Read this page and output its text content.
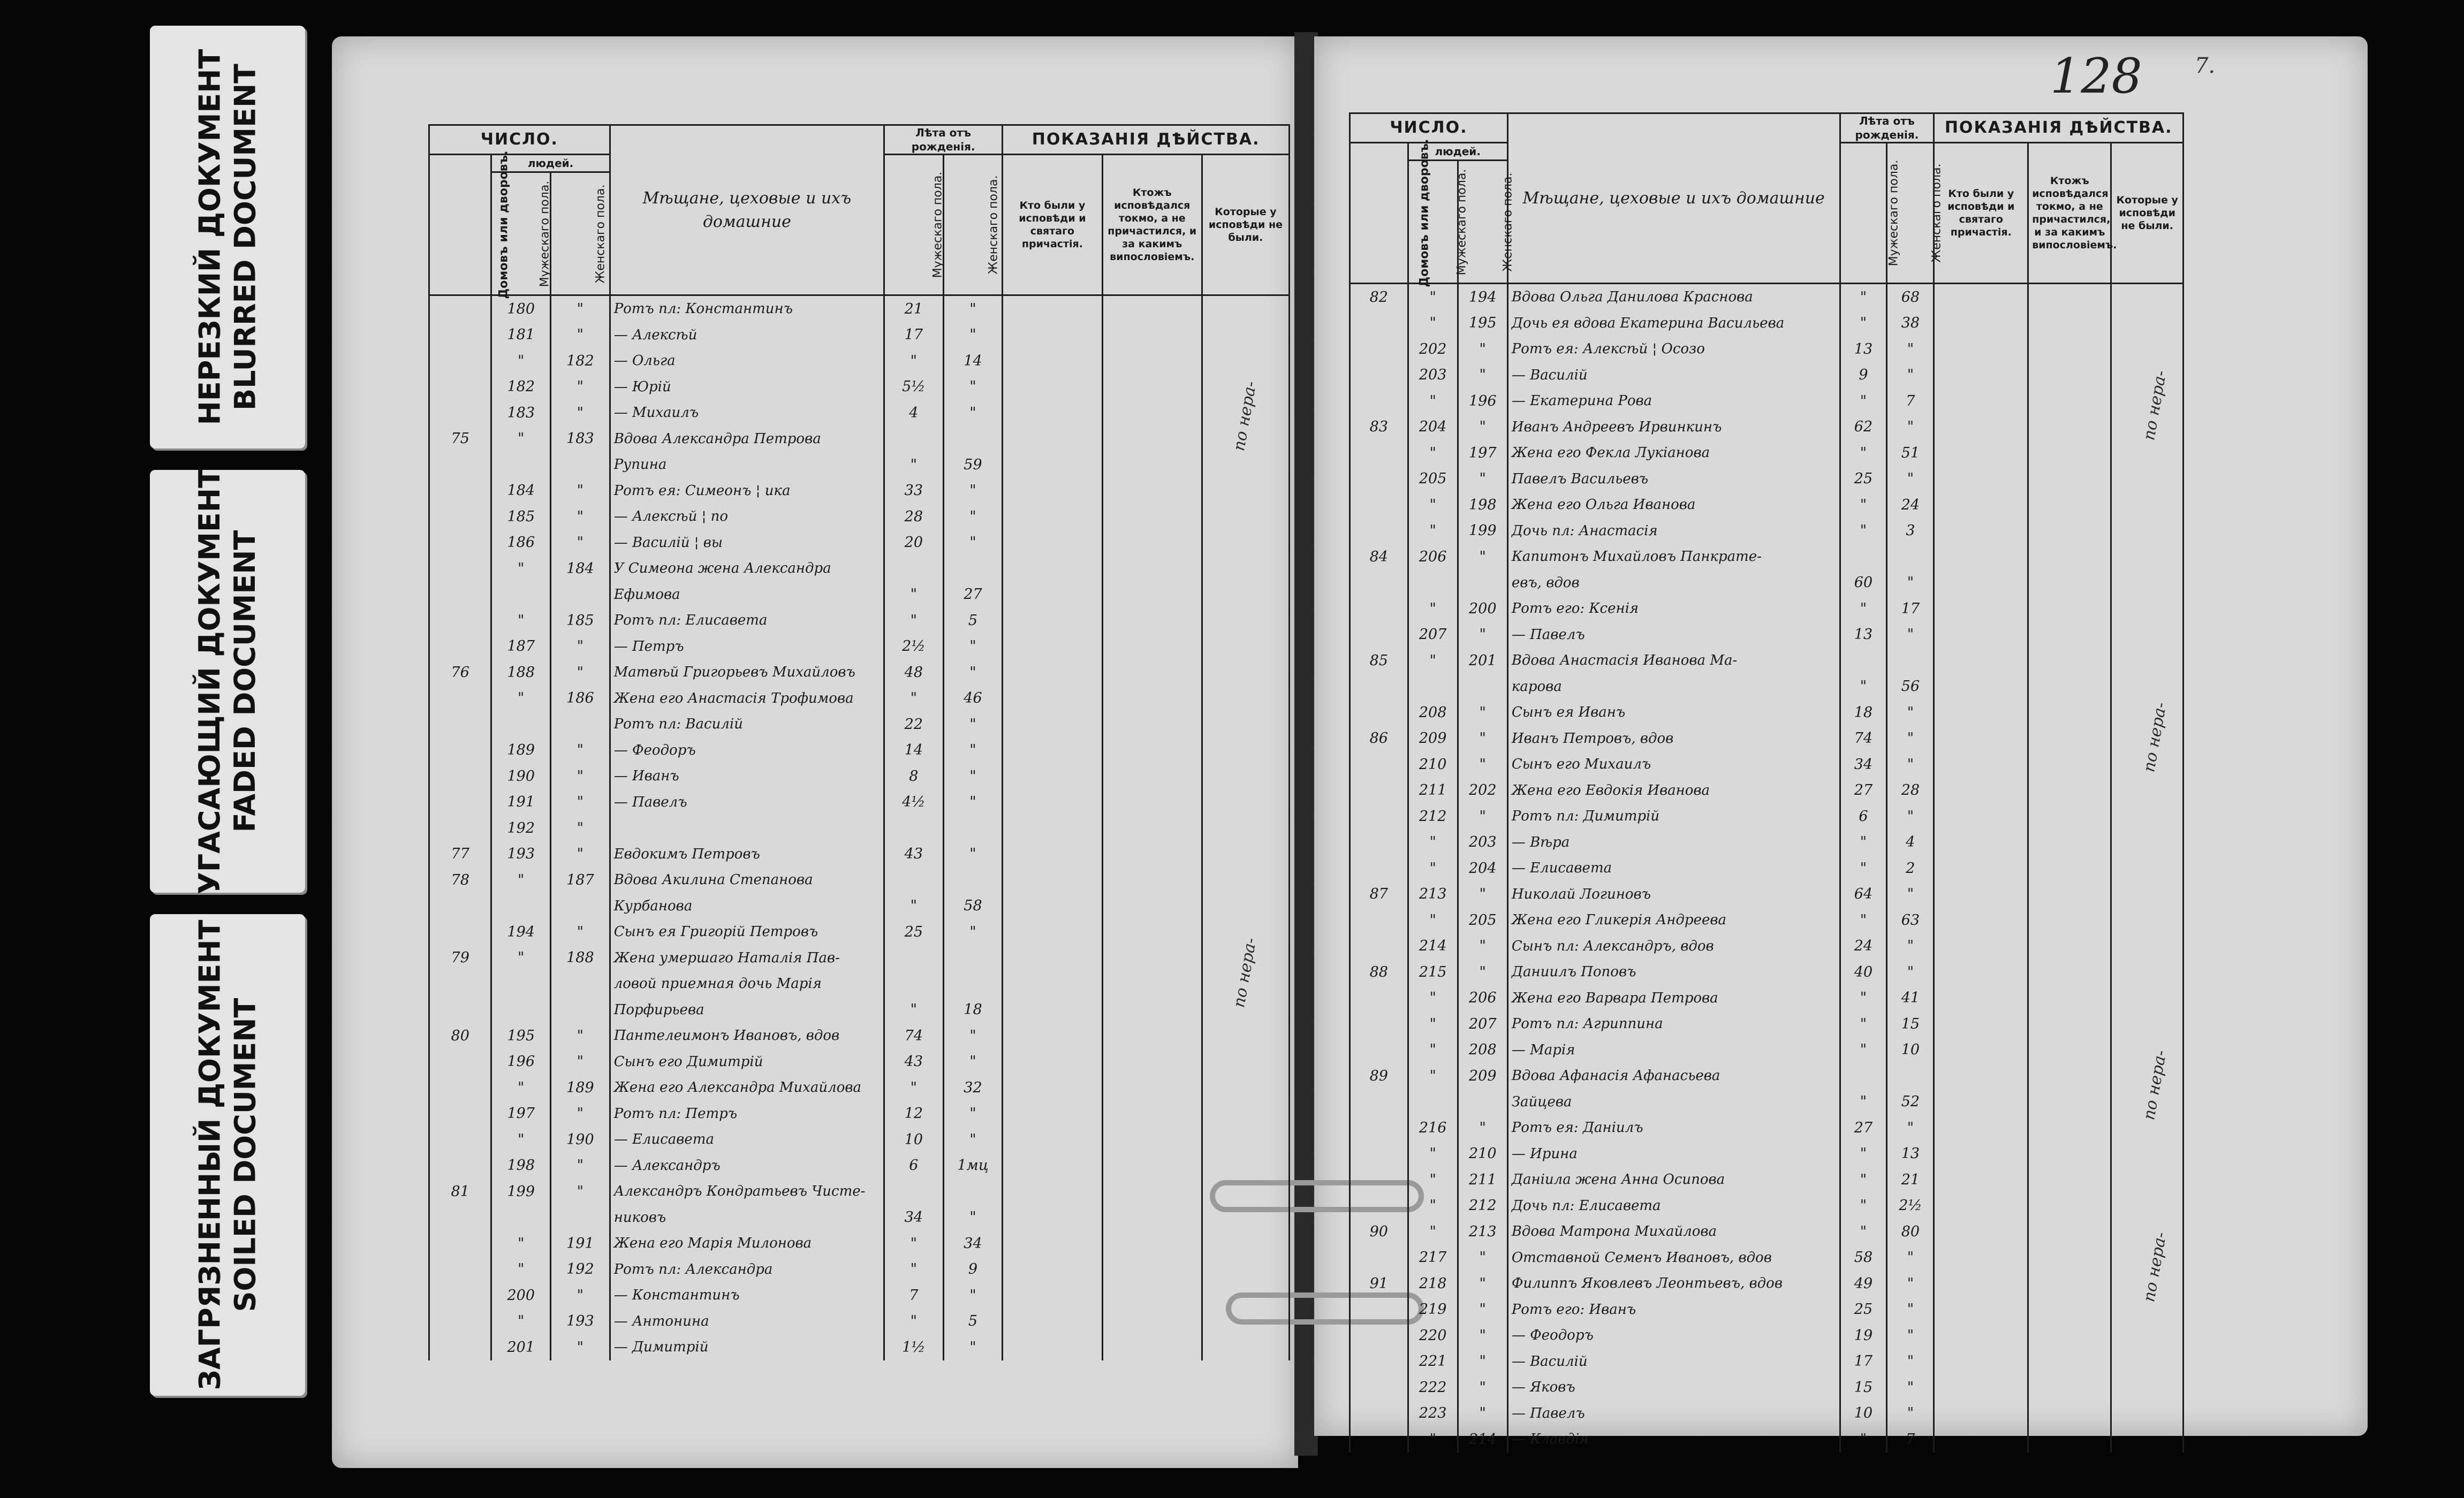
НЕРЕЗКИЙ ДОКУМЕНТ BLURRED DOCUMENT
УГАСАЮЩИЙ ДОКУМЕНТ FADED DOCUMENT
ЗАГРЯЗНЕННЫЙ ДОКУМЕНТ SOILED DOCUMENT
128 7.
ЧИСЛО.			Мѣщане, цеховые и ихъ домашние	Лѣта отъ рожденія.		ПОКАЗАНІЯ ДѢЙСТВА.		
Домовъ или дворовъ.	людей.			Мужескаго пола.	Женскаго пола.	Кто были у исповѣди и святаго причастія.	Ктожъ исповѣдался токмо, а не причастился, и за какимъ випословіемъ.	Которые у исповѣди не были.
	Мужескаго пола.	Женскаго пола.						
	180	"	Ротъ пл: Константинъ	21	"			
	181	"	— Алексѣй	17	"			
	"	182	— Ольга	"	14			
	182	"	— Юрій	5½	"			
	183	"	— Михаилъ	4	"			
75	"	183	Вдова Александра Петрова					
			Рупина	"	59			
	184	"	Ротъ ея: Симеонъ ¦ ика	33	"			
	185	"	— Алексѣй ¦ по	28	"			
	186	"	— Василій ¦ вы	20	"			
	"	184	У Симеона жена Александра					
			Ефимова	"	27			
	"	185	Ротъ пл: Елисавета	"	5			
	187	"	— Петръ	2½	"			
76	188	"	Матвѣй Григорьевъ Михайловъ	48	"			
	"	186	Жена его Анастасія Трофимова	"	46			
			Ротъ пл: Василій	22	"			
	189	"	— Феодоръ	14	"			
	190	"	— Иванъ	8	"			
	191	"	— Павелъ	4½	"			
	192	"						
77	193	"	Евдокимъ Петровъ	43	"			
78	"	187	Вдова Акилина Степанова					
			Курбанова	"	58			
	194	"	Сынъ ея Григорій Петровъ	25	"			
79	"	188	Жена умершаго Наталія Пав-					
			ловой приемная дочь Марія					
			Порфирьева	"	18			
80	195	"	Пантелеимонъ Ивановъ, вдов	74	"			
	196	"	Сынъ его Димитрій	43	"			
	"	189	Жена его Александра Михайлова	"	32			
	197	"	Ротъ пл: Петръ	12	"			
	"	190	— Елисавета	10	"			
	198	"	— Александръ	6	1мц			
81	199	"	Александръ Кондратьевъ Чисте-					
			никовъ	34	"			
	"	191	Жена его Марія Милонова	"	34			
	"	192	Ротъ пл: Александра	"	9			
	200	"	— Константинъ	7	"			
	"	193	— Антонина	"	5			
	201	"	— Димитрій	1½	"			
ЧИСЛО.			Мѣщане, цеховые и ихъ домашние	Лѣта отъ рожденія.		ПОКАЗАНІЯ ДѢЙСТВА.		
Домовъ или дворовъ.	людей.			Мужескаго пола.	Женскаго пола.	Кто были у исповѣди и святаго причастія.	Ктожъ исповѣдался токмо, а не причастился, и за какимъ випословіемъ.	Которые у исповѣди не были.
	Мужескаго пола.	Женскаго пола.						
82	"	194	Вдова Ольга Данилова Краснова	"	68			
	"	195	Дочь ея вдова Екатерина Васильева	"	38			
	202	"	Ротъ ея: Алексѣй ¦ Осозо	13	"			
	203	"	— Василій	9	"			
	"	196	— Екатерина Рова	"	7			
83	204	"	Иванъ Андреевъ Ирвинкинъ	62	"			
	"	197	Жена его Фекла Лукіанова	"	51			
	205	"	Павелъ Васильевъ	25	"			
	"	198	Жена его Ольга Иванова	"	24			
	"	199	Дочь пл: Анастасія	"	3			
84	206	"	Капитонъ Михайловъ Панкрате-					
			евъ, вдов	60	"			
	"	200	Ротъ его: Ксенія	"	17			
	207	"	— Павелъ	13	"			
85	"	201	Вдова Анастасія Иванова Ма-					
			карова	"	56			
	208	"	Сынъ ея Иванъ	18	"			
86	209	"	Иванъ Петровъ, вдов	74	"			
	210	"	Сынъ его Михаилъ	34	"			
	211	202	Жена его Евдокія Иванова	27	28			
	212	"	Ротъ пл: Димитрій	6	"			
	"	203	— Вѣра	"	4			
	"	204	— Елисавета	"	2			
87	213	"	Николай Логиновъ	64	"			
	"	205	Жена его Гликерія Андреева	"	63			
	214	"	Сынъ пл: Александръ, вдов	24	"			
88	215	"	Даниилъ Поповъ	40	"			
	"	206	Жена его Варвара Петрова	"	41			
	"	207	Ротъ пл: Агриппина	"	15			
	"	208	— Марія	"	10			
89	"	209	Вдова Афанасія Афанасьева					
			Зайцева	"	52			
	216	"	Ротъ ея: Даніилъ	27	"			
	"	210	— Ирина	"	13			
	"	211	Даніила жена Анна Осипова	"	21			
	"	212	Дочь пл: Елисавета	"	2½			
90	"	213	Вдова Матрона Михайлова	"	80			
	217	"	Отставной Семенъ Ивановъ, вдов	58	"			
91	218	"	Филиппъ Яковлевъ Леонтьевъ, вдов	49	"			
	219	"	Ротъ его: Иванъ	25	"			
	220	"	— Феодоръ	19	"			
	221	"	— Василій	17	"			
	222	"	— Яковъ	15	"			
	223	"	— Павелъ	10	"			
	"	214	— Клавдія	"	7			
по нера-
по нера-
по нера-
по нера-
по нера-
по нера-
